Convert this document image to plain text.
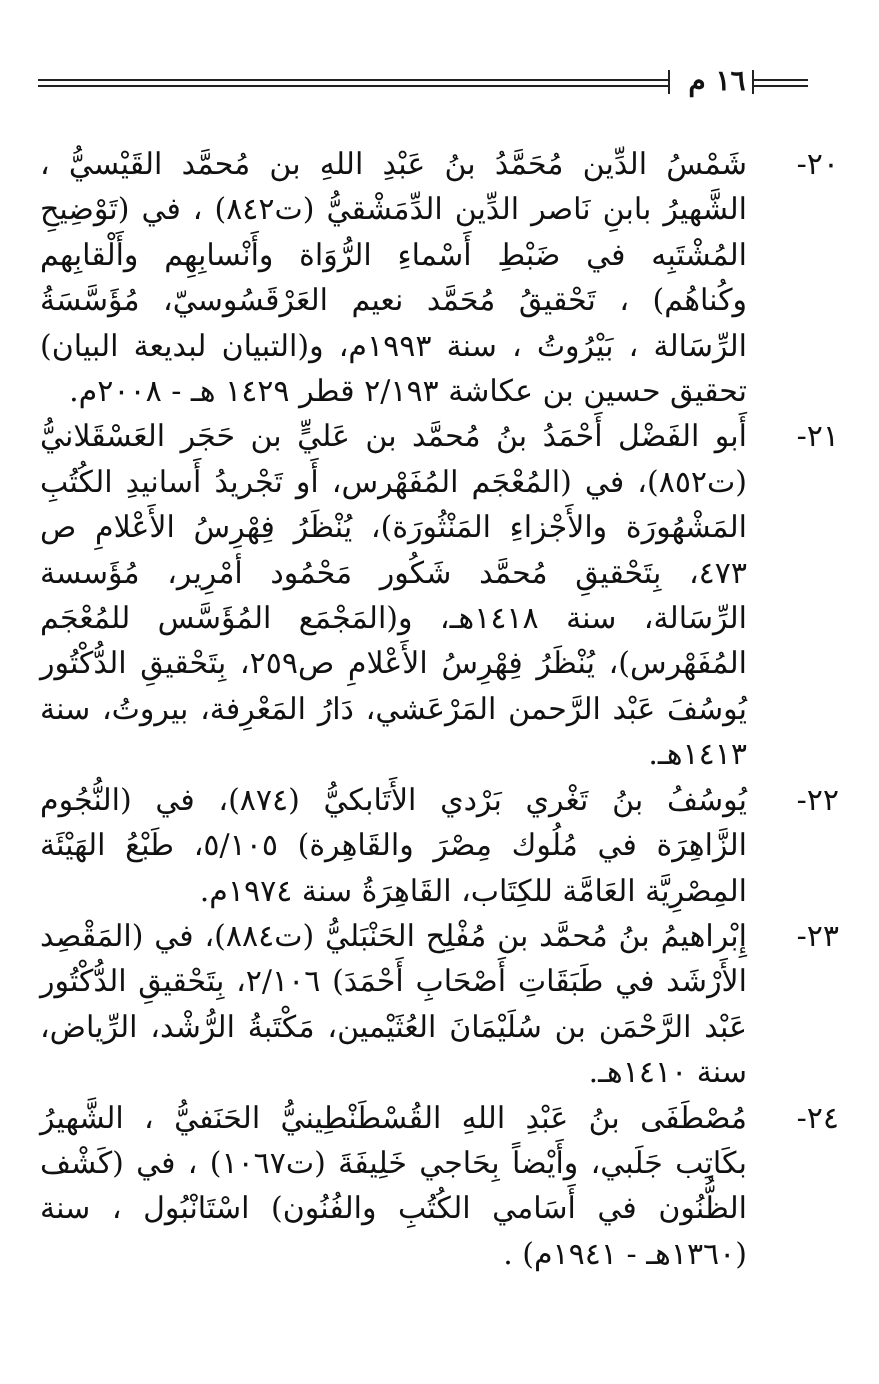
١٦ م
٢٠-
شَمْسُ الدِّين مُحَمَّدُ بنُ عَبْدِ اللهِ بن مُحمَّد القَيْسيُّ ، الشَّهيرُ بابنِ نَاصر الدِّين الدِّمَشْقيُّ (ت٨٤٢) ، في (تَوْضِيحِ المُشْتَبِه في ضَبْطِ أَسْماءِ الرُّوَاة وأَنْسابِهِم وأَلْقابِهم وكُناهُم) ، تَحْقيقُ مُحَمَّد نعيم العَرْقَسُوسيّ، مُؤَسَّسَةُ الرِّسَالة ، بَيْرُوتُ ، سنة ١٩٩٣م، و(التبيان لبديعة البيان) تحقيق حسين بن عكاشة ٢/١٩٣ قطر ١٤٢٩ هـ - ٢٠٠٨م.
٢١-
أَبو الفَضْل أَحْمَدُ بنُ مُحمَّد بن عَليٍّ بن حَجَر العَسْقَلانيُّ (ت٨٥٢)، في (المُعْجَم المُفَهْرس، أَو تَجْريدُ أَسانيدِ الكُتُبِ المَشْهُورَة والأَجْزاءِ المَنْثُورَة)، يُنْظَرُ فِهْرِسُ الأَعْلامِ ص ٤٧٣، بِتَحْقيقِ مُحمَّد شَكُور مَحْمُود أمْرِير، مُؤَسسة الرِّسَالة، سنة ١٤١٨هـ، و(المَجْمَع المُؤَسَّس للمُعْجَم المُفَهْرس)، يُنْظَرُ فِهْرِسُ الأَعْلامِ ص٢٥٩، بِتَحْقيقِ الدُّكْتُور يُوسُفَ عَبْد الرَّحمن المَرْعَشي، دَارُ المَعْرِفة، بيروتُ، سنة ١٤١٣هـ.
٢٢-
يُوسُفُ بنُ تَغْري بَرْدي الأَتَابكيُّ (٨٧٤)، في (النُّجُوم الزَّاهِرَة في مُلُوك مِصْرَ والقَاهِرة) ٥/١٠٥، طَبْعُ الهَيْئَة المِصْرِيَّة العَامَّة للكِتَاب، القَاهِرَةُ سنة ١٩٧٤م.
٢٣-
إِبْراهيمُ بنُ مُحمَّد بن مُفْلِح الحَنْبَليُّ (ت٨٨٤)، في (المَقْصِد الأَرْشَد في طَبَقَاتِ أَصْحَابِ أَحْمَدَ) ٢/١٠٦، بِتَحْقيقِ الدُّكْتُور عَبْد الرَّحْمَن بن سُلَيْمَانَ العُثَيْمين، مَكْتَبةُ الرُّشْد، الرِّياض، سنة ١٤١٠هـ.
٢٤-
مُصْطَفَى بنُ عَبْدِ اللهِ القُسْطَنْطِينيُّ الحَنَفيُّ ، الشَّهيرُ بكَاتِب جَلَبي، وأَيْضاً بِحَاجي خَلِيفَةَ (ت١٠٦٧) ، في (كَشْف الظُّنُون في أَسَامي الكُتُبِ والفُنُون) اسْتَانْبُول ، سنة (١٣٦٠هـ - ١٩٤١م) .
